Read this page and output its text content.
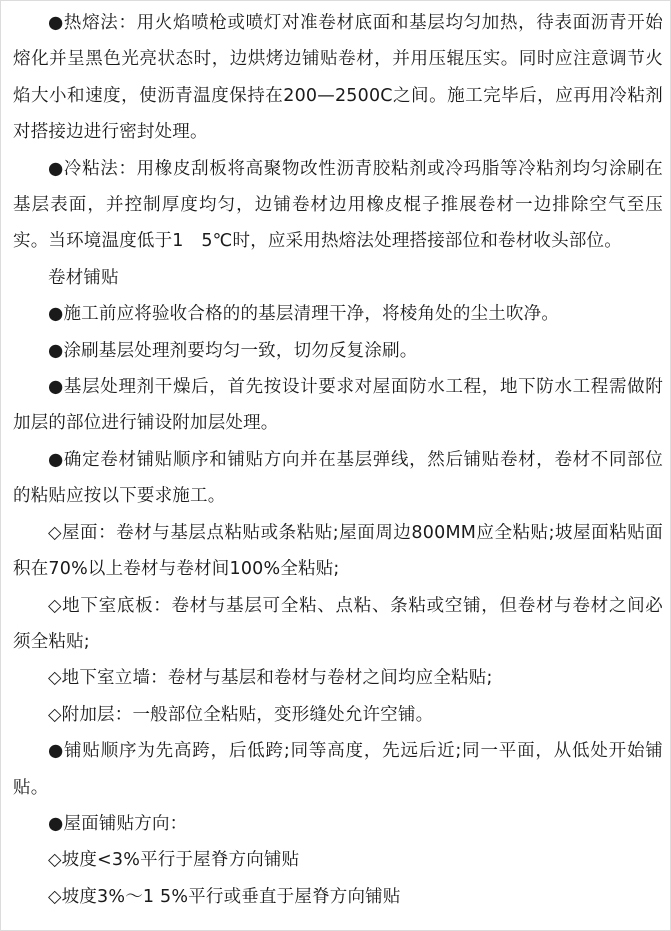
●热熔法：用火焰喷枪或喷灯对准卷材底面和基层均匀加热，待表面沥青开始熔化并呈黑色光亮状态时，边烘烤边铺贴卷材，并用压辊压实。同时应注意调节火焰大小和速度，使沥青温度保持在200—2500C之间。施工完毕后，应再用冷粘剂对搭接边进行密封处理。

●冷粘法：用橡皮刮板将高聚物改性沥青胶粘剂或冷玛脂等冷粘剂均匀涂刷在基层表面，并控制厚度均匀，边铺卷材边用橡皮棍子推展卷材一边排除空气至压实。当环境温度低于1　5℃时，应采用热熔法处理搭接部位和卷材收头部位。

卷材铺贴

●施工前应将验收合格的的基层清理干净，将棱角处的尘土吹净。

●涂刷基层处理剂要均匀一致，切勿反复涂刷。

●基层处理剂干燥后，首先按设计要求对屋面防水工程，地下防水工程需做附加层的部位进行铺设附加层处理。

●确定卷材铺贴顺序和铺贴方向并在基层弹线，然后铺贴卷材，卷材不同部位的粘贴应按以下要求施工。

◇屋面：卷材与基层点粘贴或条粘贴;屋面周边800MM应全粘贴;坡屋面粘贴面积在70%以上卷材与卷材间100%全粘贴;

◇地下室底板：卷材与基层可全粘、点粘、条粘或空铺，但卷材与卷材之间必须全粘贴;

◇地下室立墙：卷材与基层和卷材与卷材之间均应全粘贴;

◇附加层：一般部位全粘贴，变形缝处允许空铺。

●铺贴顺序为先高跨，后低跨;同等高度，先远后近;同一平面，从低处开始铺贴。

●屋面铺贴方向：

◇坡度<3%平行于屋脊方向铺贴

◇坡度3%～1 5%平行或垂直于屋脊方向铺贴
